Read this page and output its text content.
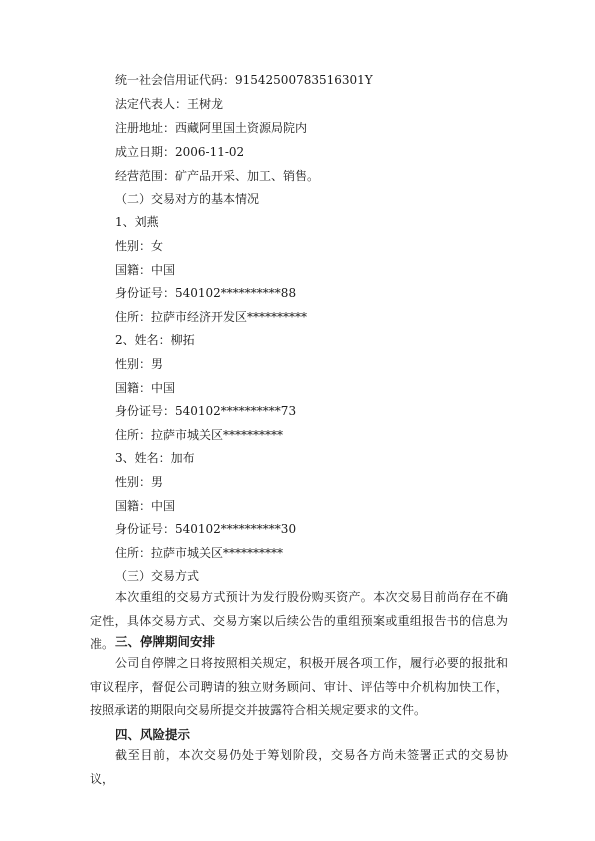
统一社会信用证代码：91542500783516301Y
法定代表人：王树龙
注册地址：西藏阿里国土资源局院内
成立日期：2006-11-02
经营范围：矿产品开采、加工、销售。
（二）交易对方的基本情况
1、刘燕
性别：女
国籍：中国
身份证号：540102**********88
住所：拉萨市经济开发区**********
2、姓名：柳拓
性别：男
国籍：中国
身份证号：540102**********73
住所：拉萨市城关区**********
3、姓名：加布
性别：男
国籍：中国
身份证号：540102**********30
住所：拉萨市城关区**********
（三）交易方式
本次重组的交易方式预计为发行股份购买资产。本次交易目前尚存在不确定性，具体交易方式、交易方案以后续公告的重组预案或重组报告书的信息为准。 三、停牌期间安排
公司自停牌之日将按照相关规定，积极开展各项工作，履行必要的报批和审议程序，督促公司聘请的独立财务顾问、审计、评估等中介机构加快工作，按照承诺的期限向交易所提交并披露符合相关规定要求的文件。
四、风险提示
截至目前，本次交易仍处于筹划阶段，交易各方尚未签署正式的交易协议，
